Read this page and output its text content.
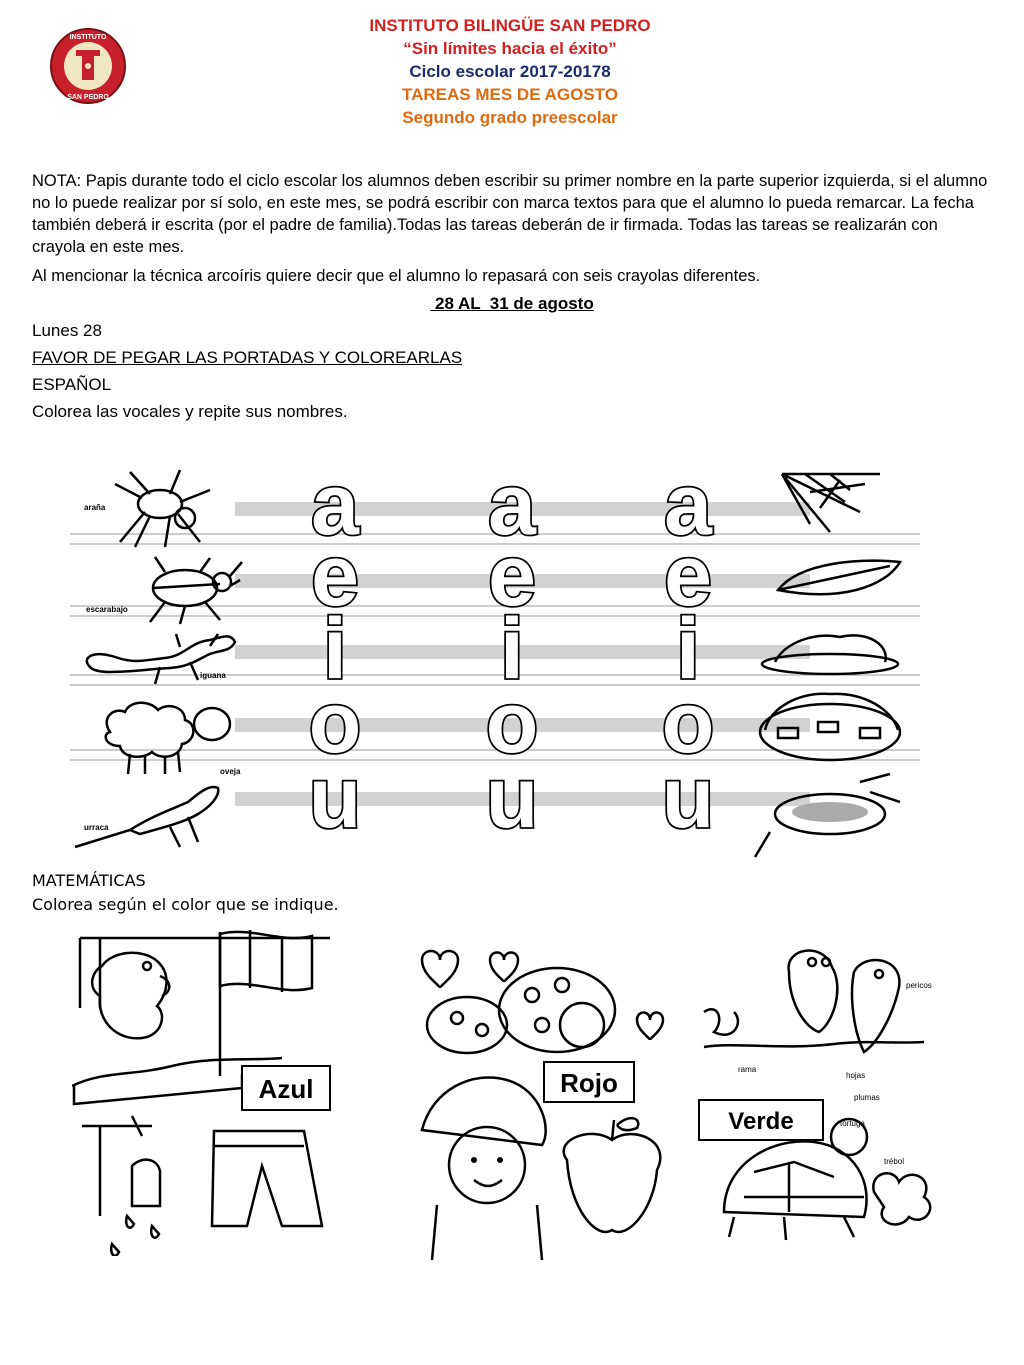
INSTITUTO
SAN PEDRO
INSTITUTO BILINGÜE SAN PEDRO
“Sin límites hacia el éxito”
Ciclo escolar 2017-20178
TAREAS MES DE AGOSTO
Segundo grado preescolar
NOTA: Papis durante todo el ciclo escolar los alumnos deben escribir su primer nombre en la parte superior izquierda, si el alumno no lo puede realizar por sí solo, en este mes, se podrá escribir con marca textos para que el alumno lo pueda remarcar. La fecha también deberá ir escrita (por el padre de familia).Todas las tareas deberán de ir firmada. Todas las tareas se realizarán con crayola en este mes.
Al mencionar la técnica arcoíris quiere decir que el alumno lo repasará con seis crayolas diferentes.
28 AL  31 de agosto
Lunes 28
FAVOR DE PEGAR LAS PORTADAS Y COLOREARLAS
ESPAÑOL
Colorea las vocales y repite sus nombres.
a a a
e e e
i i i
o o o
u u u
araña
escarabajo
iguana
oveja
urraca
MATEMÁTICAS
Colorea según el color que se indique.
Azul	Rojo
Verde
pericos
rama
hojas
plumas
tortuga
trébol
